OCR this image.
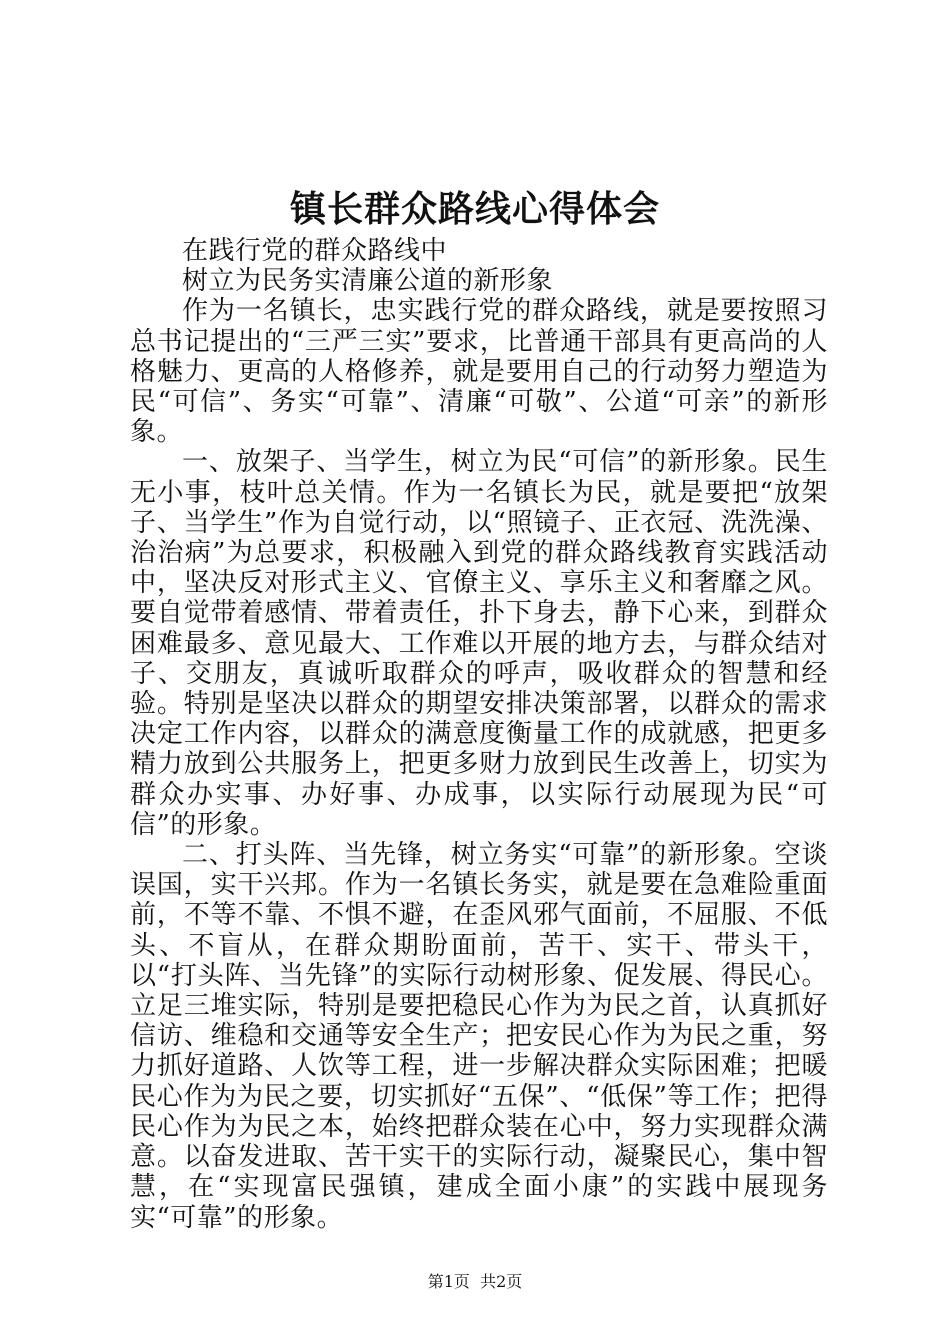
镇长群众路线心得体会

在践行党的群众路线中

树立为民务实清廉公道的新形象

作为一名镇长，忠实践行党的群众路线，就是要按照习总书记提出的“三严三实”要求，比普通干部具有更高尚的人格魅力、更高的人格修养，就是要用自己的行动努力塑造为民“可信”、务实“可靠”、清廉“可敬”、公道“可亲”的新形象。

一、放架子、当学生，树立为民“可信”的新形象。民生无小事，枝叶总关情。作为一名镇长为民，就是要把“放架子、当学生”作为自觉行动，以“照镜子、正衣冠、洗洗澡、治治病”为总要求，积极融入到党的群众路线教育实践活动中，坚决反对形式主义、官僚主义、享乐主义和奢靡之风。要自觉带着感情、带着责任，扑下身去，静下心来，到群众困难最多、意见最大、工作难以开展的地方去，与群众结对子、交朋友，真诚听取群众的呼声，吸收群众的智慧和经验。特别是坚决以群众的期望安排决策部署，以群众的需求决定工作内容，以群众的满意度衡量工作的成就感，把更多精力放到公共服务上，把更多财力放到民生改善上，切实为群众办实事、办好事、办成事，以实际行动展现为民“可信”的形象。

二、打头阵、当先锋，树立务实“可靠”的新形象。空谈误国，实干兴邦。作为一名镇长务实，就是要在急难险重面前，不等不靠、不惧不避，在歪风邪气面前，不屈服、不低头、不盲从，在群众期盼面前，苦干、实干、带头干，以“打头阵、当先锋”的实际行动树形象、促发展、得民心。立足三堆实际，特别是要把稳民心作为为民之首，认真抓好信访、维稳和交通等安全生产；把安民心作为为民之重，努力抓好道路、人饮等工程，进一步解决群众实际困难；把暖民心作为为民之要，切实抓好“五保”、“低保”等工作；把得民心作为为民之本，始终把群众装在心中，努力实现群众满意。以奋发进取、苦干实干的实际行动，凝聚民心，集中智慧，在“实现富民强镇，建成全面小康”的实践中展现务实“可靠”的形象。

第1页 共2页
